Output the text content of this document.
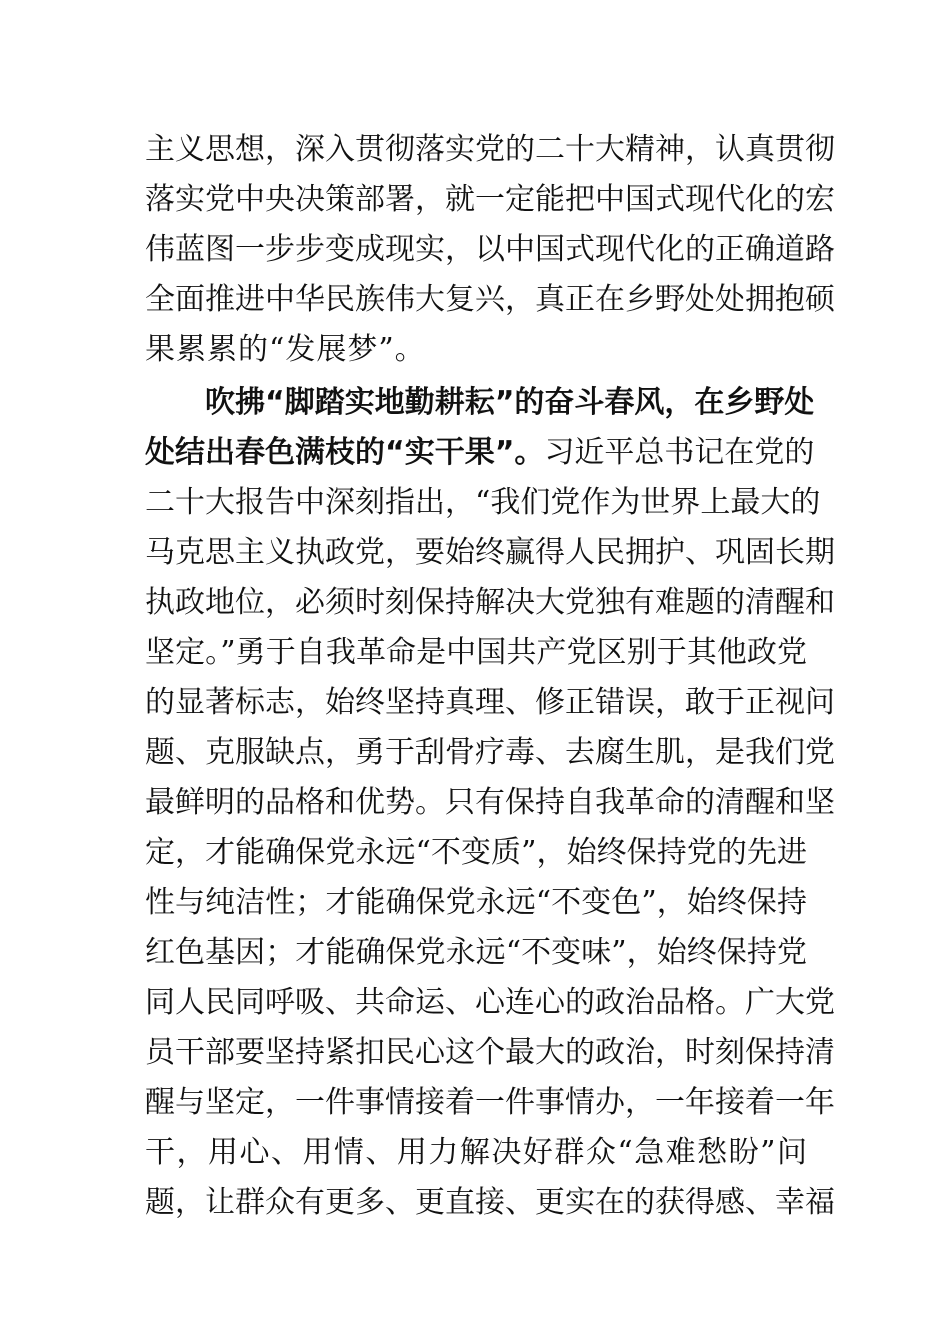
主义思想，深入贯彻落实党的二十大精神，认真贯彻
落实党中央决策部署，就一定能把中国式现代化的宏
伟蓝图一步步变成现实，以中国式现代化的正确道路
全面推进中华民族伟大复兴，真正在乡野处处拥抱硕
果累累的“发展梦”。
吹拂“脚踏实地勤耕耘”的奋斗春风，在乡野处
处结出春色满枝的“实干果”。习近平总书记在党的
二十大报告中深刻指出，“我们党作为世界上最大的
马克思主义执政党，要始终赢得人民拥护、巩固长期
执政地位，必须时刻保持解决大党独有难题的清醒和
坚定。”勇于自我革命是中国共产党区别于其他政党
的显著标志，始终坚持真理、修正错误，敢于正视问
题、克服缺点，勇于刮骨疗毒、去腐生肌，是我们党
最鲜明的品格和优势。只有保持自我革命的清醒和坚
定，才能确保党永远“不变质”，始终保持党的先进
性与纯洁性；才能确保党永远“不变色”，始终保持
红色基因；才能确保党永远“不变味”，始终保持党
同人民同呼吸、共命运、心连心的政治品格。广大党
员干部要坚持紧扣民心这个最大的政治，时刻保持清
醒与坚定，一件事情接着一件事情办，一年接着一年
干，用心、用情、用力解决好群众“急难愁盼”问
题，让群众有更多、更直接、更实在的获得感、幸福
